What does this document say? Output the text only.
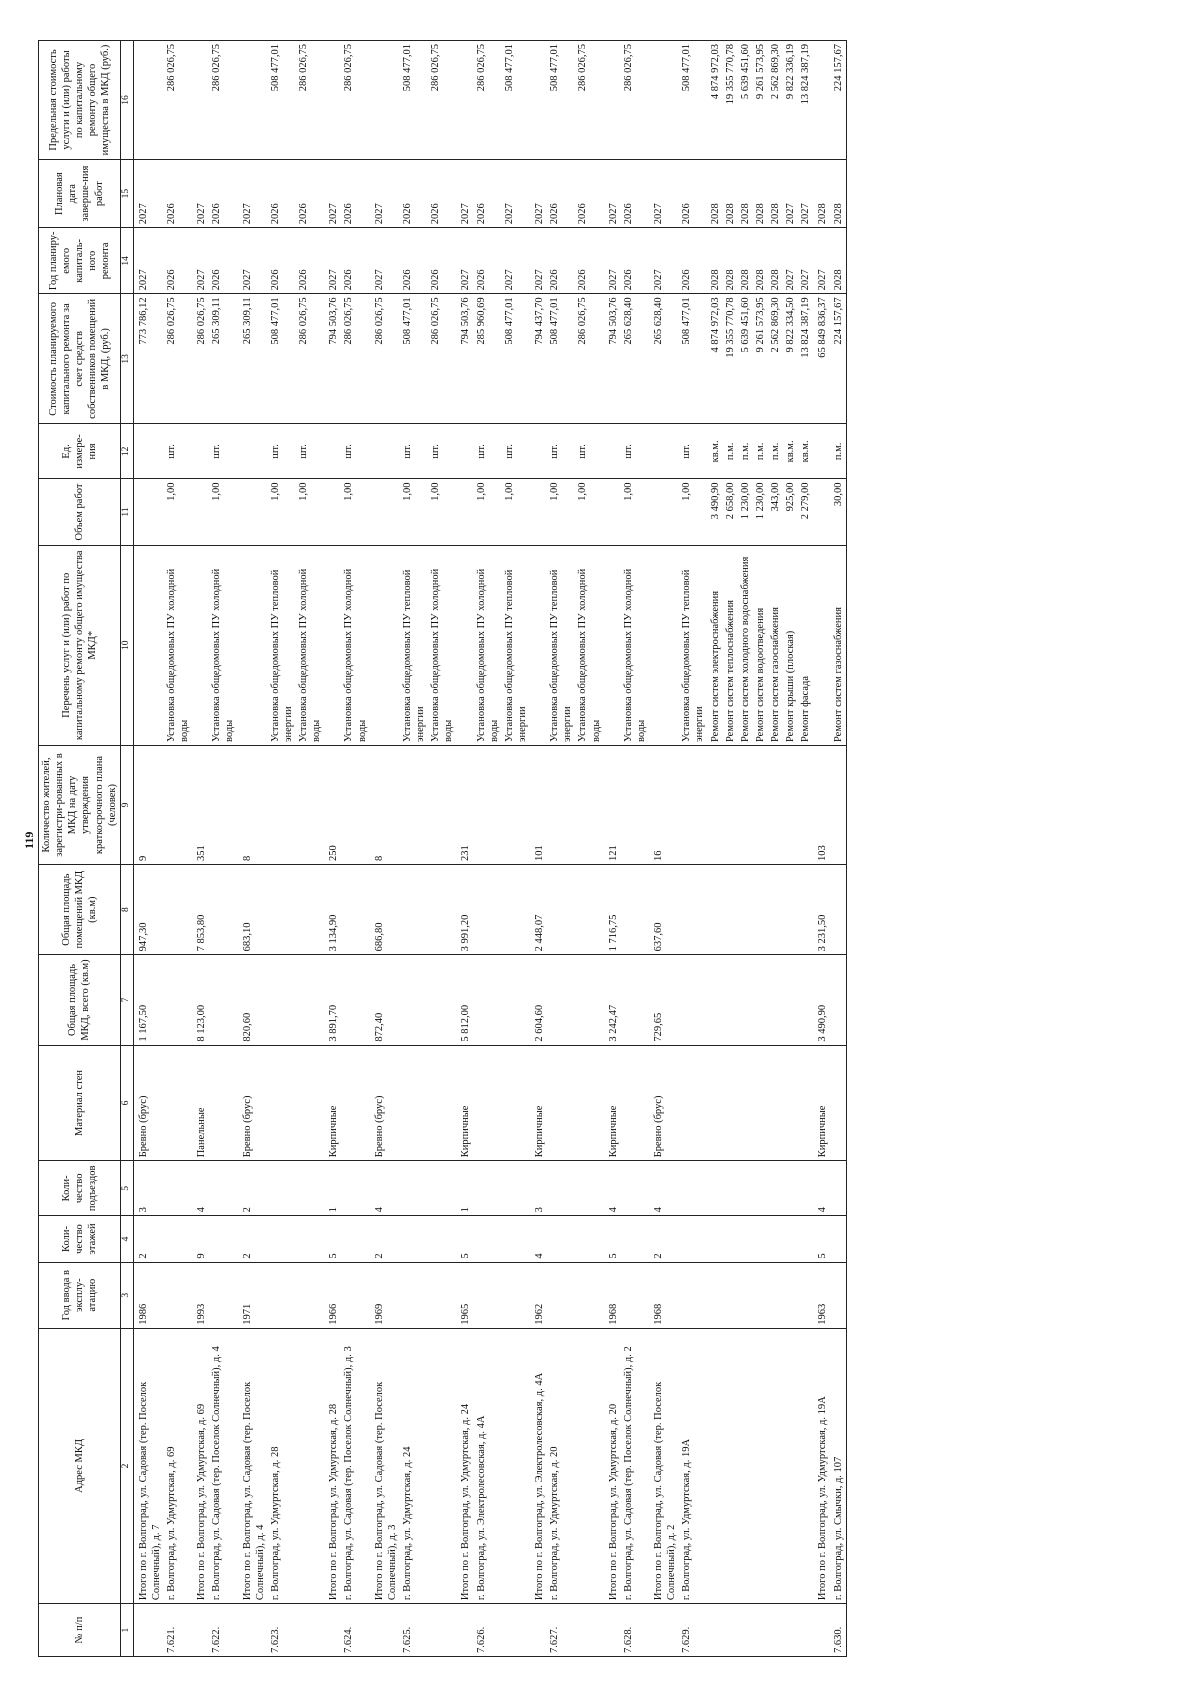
119
№ п/п	Адрес МКД	Год ввода в эксплу-атацию	Коли-чество этажей	Коли-чество подъездов	Материал стен	Общая площадь МКД, всего (кв.м)	Общая площадь помещений МКД (кв.м)	Количество жителей, зарегистри-рованных в МКД на дату утверждения краткосрочного плана (человек)	Перечень услуг и (или) работ по капитальному ремонту общего имущества МКД*	Объем работ	Ед. измере-ния	Стоимость планируемого капитального ремонта за счет средств собственников помещений в МКД, (руб.)	Год планиру-емого капиталь-ного ремонта	Плановая дата заверше-ния работ	Предельная стоимость услуги и (или) работы по капитальному ремонту общего имущества в МКД (руб.)
1	2	3	4	5	6	7	8	9	10	11	12	13	14	15	16
	Итого по г. Волгоград, ул. Садовая (тер. Поселок Солнечный), д. 7	1986	2	3	Бревно (брус)	1 167,50	947,30	9				773 786,12	2027	2027	
7.621.	г. Волгоград, ул. Удмуртская, д. 69								Установка общедомовых ПУ холодной воды	1,00	шт.	286 026,75	2026	2026	286 026,75
	Итого по г. Волгоград, ул. Удмуртская, д. 69	1993	9	4	Панельные	8 123,00	7 853,80	351				286 026,75	2027	2027	
7.622.	г. Волгоград, ул. Садовая (тер. Поселок Солнечный), д. 4								Установка общедомовых ПУ холодной воды	1,00	шт.	265 309,11	2026	2026	286 026,75
	Итого по г. Волгоград, ул. Садовая (тер. Поселок Солнечный), д. 4	1971	2	2	Бревно (брус)	820,60	683,10	8				265 309,11	2027	2027	
7.623.	г. Волгоград, ул. Удмуртская, д. 28								Установка общедомовых ПУ тепловой энергии	1,00	шт.	508 477,01	2026	2026	508 477,01
									Установка общедомовых ПУ холодной воды	1,00	шт.	286 026,75	2026	2026	286 026,75
	Итого по г. Волгоград, ул. Удмуртская, д. 28	1966	5	1	Кирпичные	3 891,70	3 134,90	250				794 503,76	2027	2027	
7.624.	г. Волгоград, ул. Садовая (тер. Поселок Солнечный), д. 3								Установка общедомовых ПУ холодной воды	1,00	шт.	286 026,75	2026	2026	286 026,75
	Итого по г. Волгоград, ул. Садовая (тер. Поселок Солнечный), д. 3	1969	2	4	Бревно (брус)	872,40	686,80	8				286 026,75	2027	2027	
7.625.	г. Волгоград, ул. Удмуртская, д. 24								Установка общедомовых ПУ тепловой энергии	1,00	шт.	508 477,01	2026	2026	508 477,01
									Установка общедомовых ПУ холодной воды	1,00	шт.	286 026,75	2026	2026	286 026,75
	Итого по г. Волгоград, ул. Удмуртская, д. 24	1965	5	1	Кирпичные	5 812,00	3 991,20	231				794 503,76	2027	2027	
7.626.	г. Волгоград, ул. Электролесовская, д. 4А								Установка общедомовых ПУ холодной воды	1,00	шт.	285 960,69	2026	2026	286 026,75
									Установка общедомовых ПУ тепловой энергии	1,00	шт.	508 477,01	2027	2027	508 477,01
	Итого по г. Волгоград, ул. Электролесовская, д. 4А	1962	4	3	Кирпичные	2 604,60	2 448,07	101				794 437,70	2027	2027	
7.627.	г. Волгоград, ул. Удмуртская, д. 20								Установка общедомовых ПУ тепловой энергии	1,00	шт.	508 477,01	2026	2026	508 477,01
									Установка общедомовых ПУ холодной воды	1,00	шт.	286 026,75	2026	2026	286 026,75
	Итого по г. Волгоград, ул. Удмуртская, д. 20	1968	5	4	Кирпичные	3 242,47	1 716,75	121				794 503,76	2027	2027	
7.628.	г. Волгоград, ул. Садовая (тер. Поселок Солнечный), д. 2								Установка общедомовых ПУ холодной воды	1,00	шт.	265 628,40	2026	2026	286 026,75
	Итого по г. Волгоград, ул. Садовая (тер. Поселок Солнечный), д. 2	1968	2	4	Бревно (брус)	729,65	637,60	16				265 628,40	2027	2027	
7.629.	г. Волгоград, ул. Удмуртская, д. 19А								Установка общедомовых ПУ тепловой энергии	1,00	шт.	508 477,01	2026	2026	508 477,01
									Ремонт систем электроснабжения	3 490,90	кв.м.	4 874 972,03	2028	2028	4 874 972,03
									Ремонт систем теплоснабжения	2 658,00	п.м.	19 355 770,78	2028	2028	19 355 770,78
									Ремонт систем холодного водоснабжения	1 230,00	п.м.	5 639 451,60	2028	2028	5 639 451,60
									Ремонт систем водоотведения	1 230,00	п.м.	9 261 573,95	2028	2028	9 261 573,95
									Ремонт систем газоснабжения	343,00	п.м.	2 562 869,30	2028	2028	2 562 869,30
									Ремонт крыши (плоская)	925,00	кв.м.	9 822 334,50	2027	2027	9 822 336,19
									Ремонт фасада	2 279,00	кв.м.	13 824 387,19	2027	2027	13 824 387,19
	Итого по г. Волгоград, ул. Удмуртская, д. 19А	1963	5	4	Кирпичные	3 490,90	3 231,50	103				65 849 836,37	2027	2028	
7.630.	г. Волгоград, ул. Смычки, д. 107								Ремонт систем газоснабжения	30,00	п.м.	224 157,67	2028	2028	224 157,67
